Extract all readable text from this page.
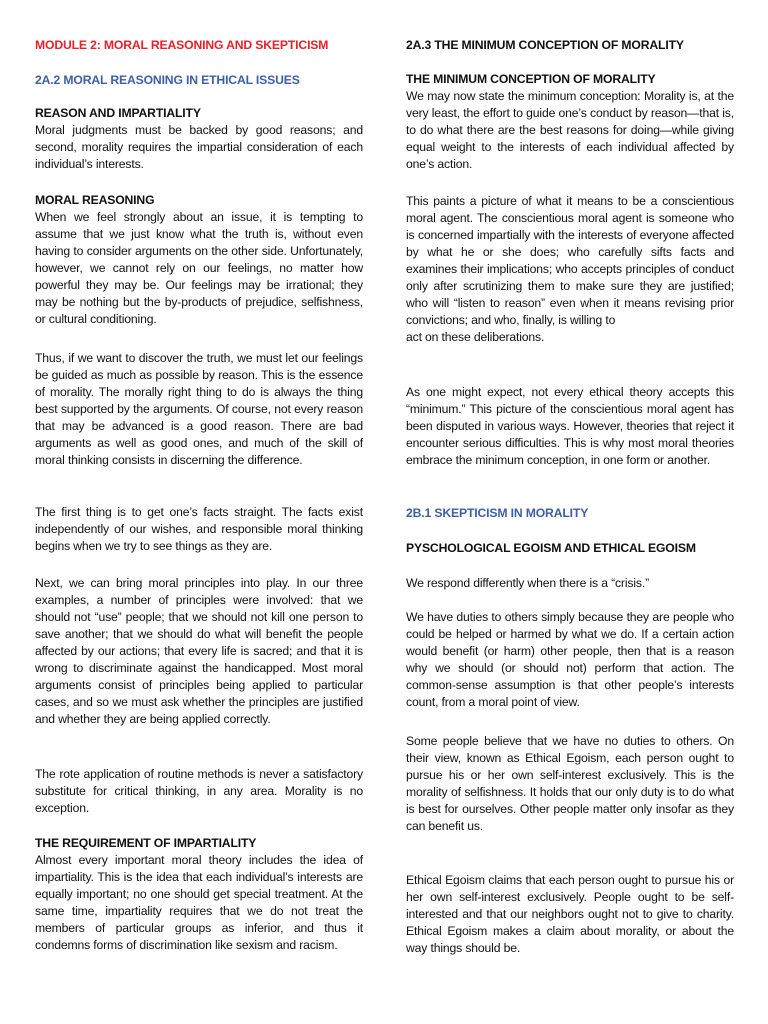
MODULE 2: MORAL REASONING AND SKEPTICISM

2A.2 MORAL REASONING IN ETHICAL ISSUES

REASON AND IMPARTIALITY

Moral judgments must be backed by good reasons; and second, morality requires the impartial consideration of each individual’s interests.

MORAL REASONING

When we feel strongly about an issue, it is tempting to assume that we just know what the truth is, without even having to consider arguments on the other side. Unfortunately, however, we cannot rely on our feelings, no matter how powerful they may be. Our feelings may be irrational; they may be nothing but the by-products of prejudice, selfishness, or cultural conditioning.

Thus, if we want to discover the truth, we must let our feelings be guided as much as possible by reason. This is the essence of morality. The morally right thing to do is always the thing best supported by the arguments. Of course, not every reason that may be advanced is a good reason. There are bad arguments as well as good ones, and much of the skill of moral thinking consists in discerning the difference.

The first thing is to get one’s facts straight. The facts exist independently of our wishes, and responsible moral thinking begins when we try to see things as they are.

Next, we can bring moral principles into play. In our three examples, a number of principles were involved: that we should not “use” people; that we should not kill one person to save another; that we should do what will benefit the people affected by our actions; that every life is sacred; and that it is wrong to discriminate against the handicapped. Most moral arguments consist of principles being applied to particular cases, and so we must ask whether the principles are justified and whether they are being applied correctly.

The rote application of routine methods is never a satisfactory substitute for critical thinking, in any area. Morality is no exception.

THE REQUIREMENT OF IMPARTIALITY

Almost every important moral theory includes the idea of impartiality. This is the idea that each individual’s interests are equally important; no one should get special treatment. At the same time, impartiality requires that we do not treat the members of particular groups as inferior, and thus it condemns forms of discrimination like sexism and racism.

2A.3 THE MINIMUM CONCEPTION OF MORALITY

THE MINIMUM CONCEPTION OF MORALITY

We may now state the minimum conception: Morality is, at the very least, the effort to guide one’s conduct by reason—that is, to do what there are the best reasons for doing—while giving equal weight to the interests of each individual affected by one’s action.

This paints a picture of what it means to be a conscientious moral agent. The conscientious moral agent is someone who is concerned impartially with the interests of everyone affected by what he or she does; who carefully sifts facts and examines their implications; who accepts principles of conduct only after scrutinizing them to make sure they are justified; who will “listen to reason” even when it means revising prior convictions; and who, finally, is willing to

act on these deliberations.

As one might expect, not every ethical theory accepts this “minimum.” This picture of the conscientious moral agent has been disputed in various ways. However, theories that reject it encounter serious difficulties. This is why most moral theories embrace the minimum conception, in one form or another.

2B.1 SKEPTICISM IN MORALITY

PYSCHOLOGICAL EGOISM AND ETHICAL EGOISM

We respond differently when there is a “crisis.”

We have duties to others simply because they are people who could be helped or harmed by what we do. If a certain action would benefit (or harm) other people, then that is a reason why we should (or should not) perform that action. The common-sense assumption is that other people’s interests count, from a moral point of view.

Some people believe that we have no duties to others. On their view, known as Ethical Egoism, each person ought to pursue his or her own self-interest exclusively. This is the morality of selfishness. It holds that our only duty is to do what is best for ourselves. Other people matter only insofar as they can benefit us.

Ethical Egoism claims that each person ought to pursue his or her own self-interest exclusively. People ought to be self-interested and that our neighbors ought not to give to charity. Ethical Egoism makes a claim about morality, or about the way things should be.
